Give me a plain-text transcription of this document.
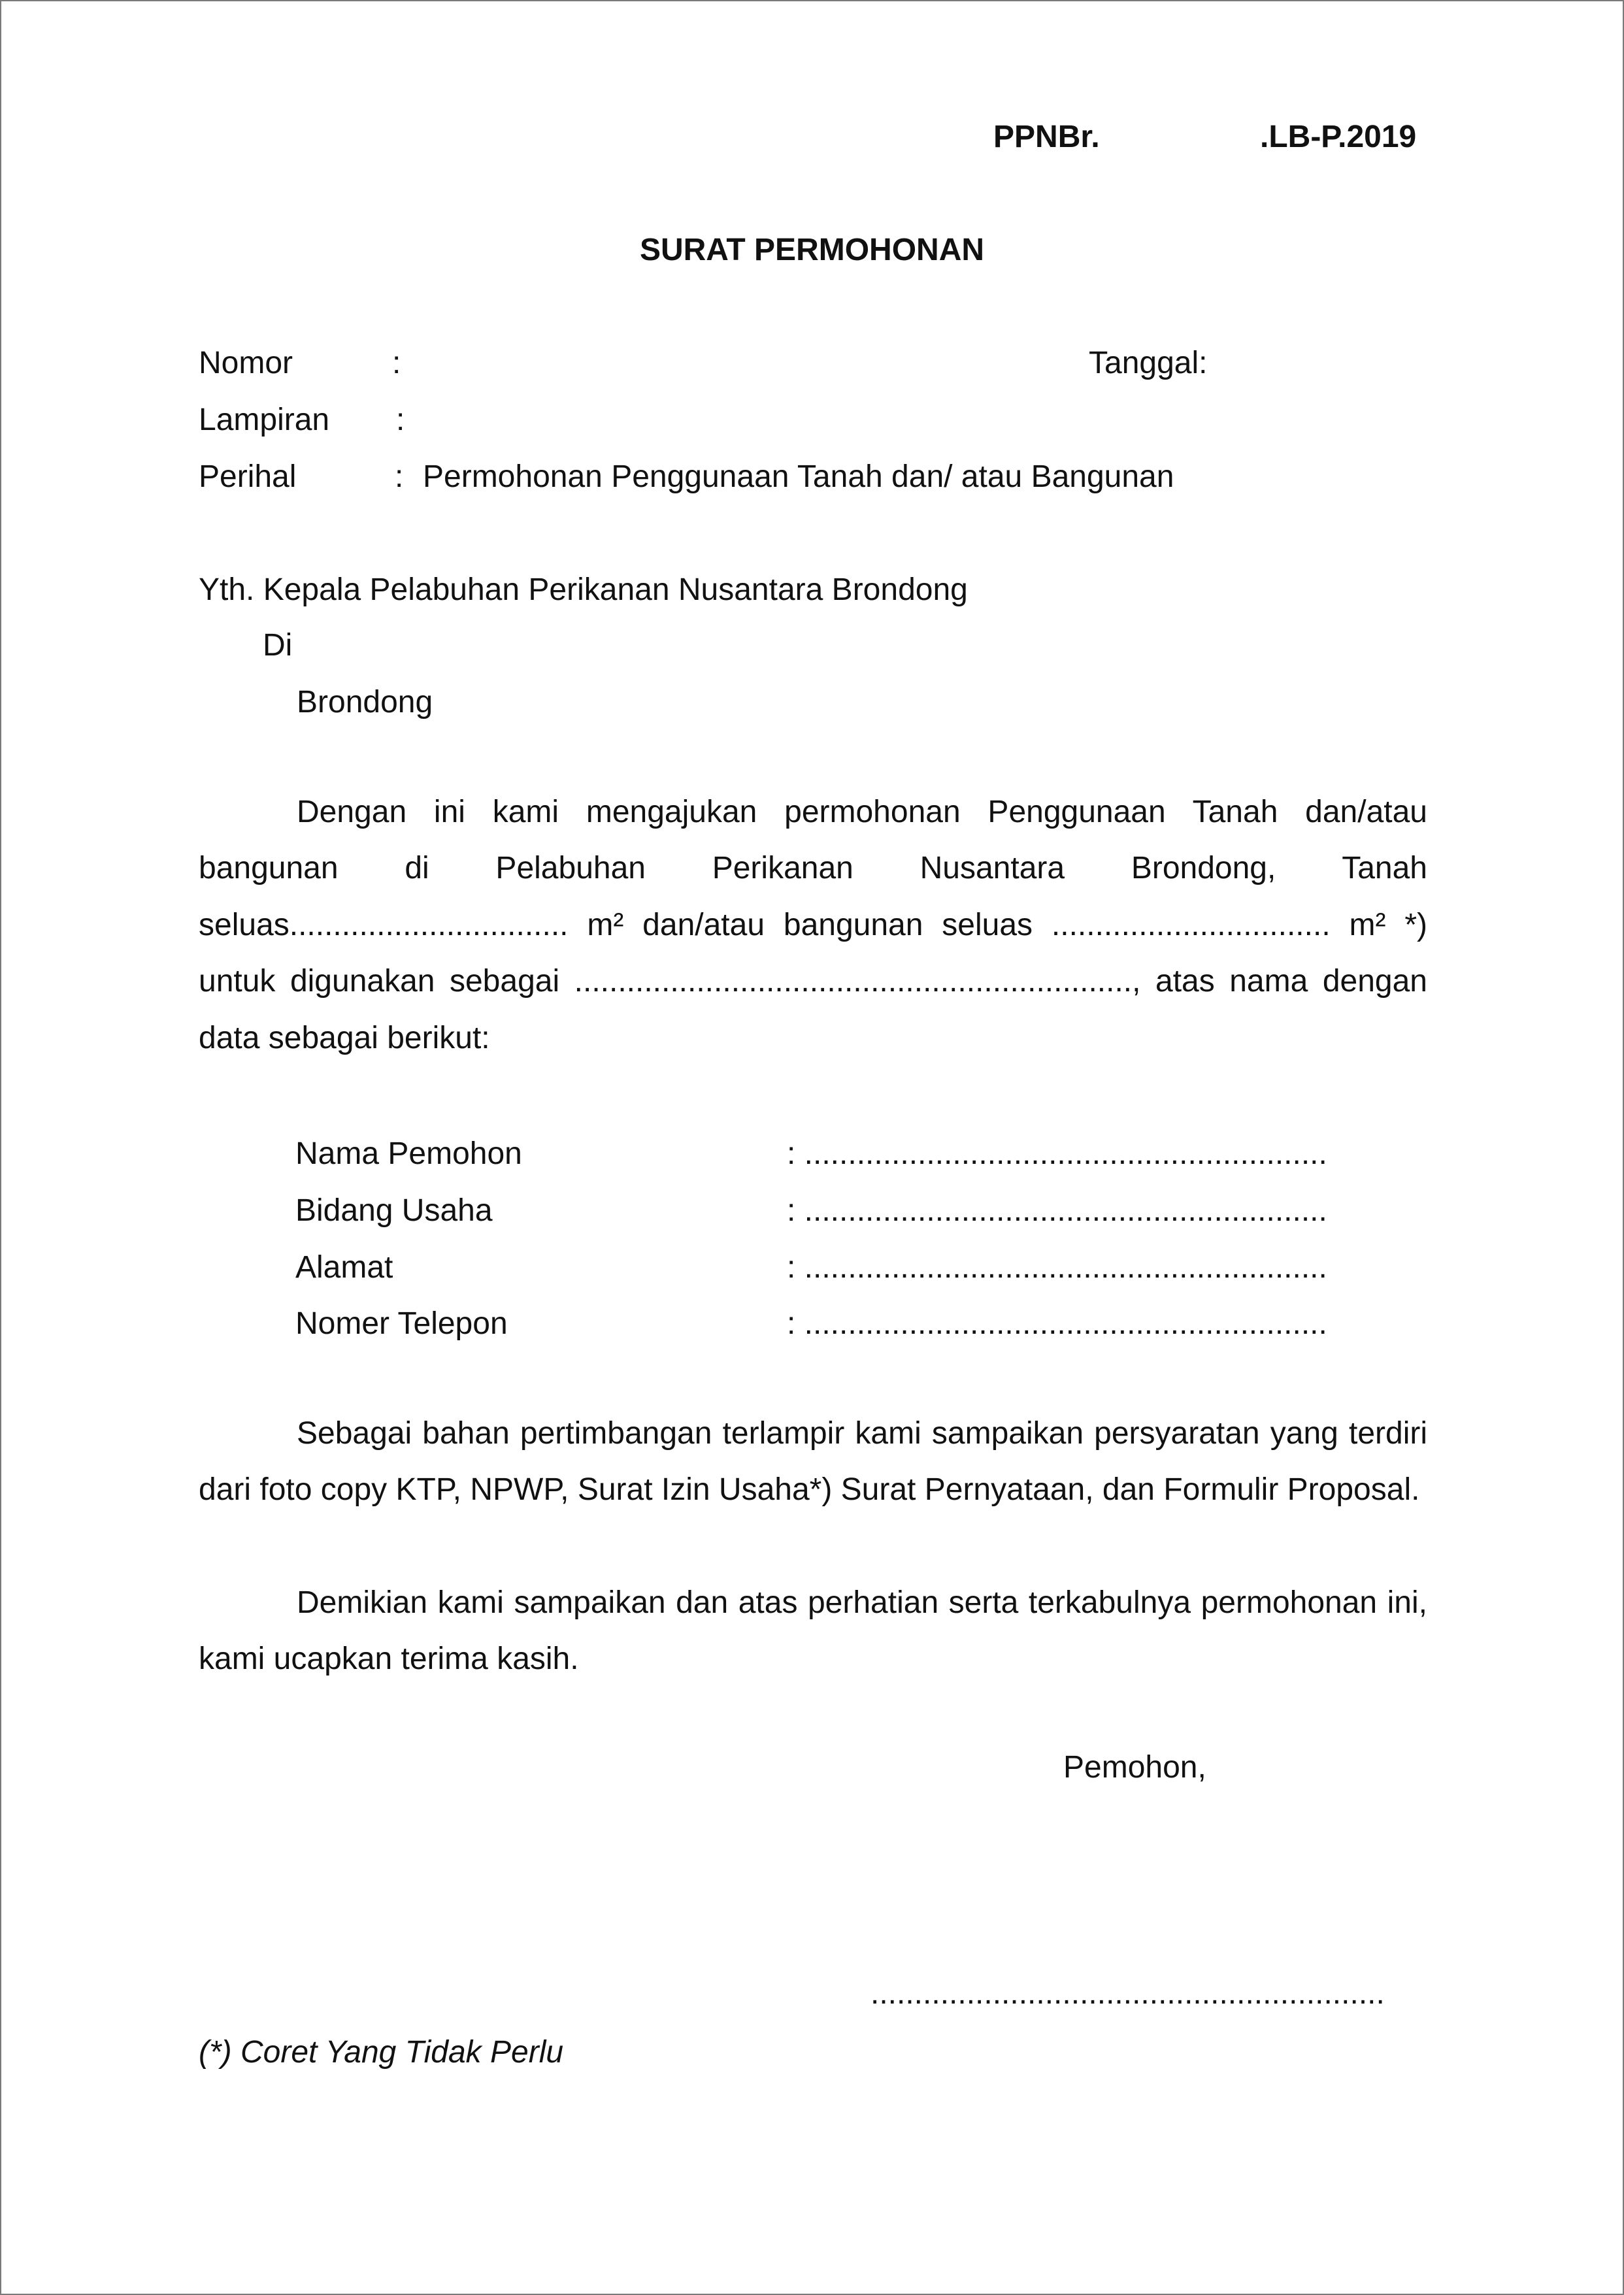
PPNBr.	.LB-P.2019
SURAT PERMOHONAN
Nomor	:	Tanggal:
Lampiran :
Perihal	: Permohonan Penggunaan Tanah dan/ atau Bangunan
Yth. Kepala Pelabuhan Perikanan Nusantara Brondong
Di
Brondong
Dengan ini kami mengajukan permohonan Penggunaan Tanah dan/atau bangunan di Pelabuhan Perikanan Nusantara Brondong, Tanah seluas................................ m² dan/atau bangunan seluas ................................ m² *) untuk digunakan sebagai ................................................................, atas nama dengan data sebagai berikut:
Nama Pemohon	: ............................................................
Bidang Usaha	: ............................................................
Alamat	: ............................................................
Nomer Telepon	: ............................................................
Sebagai bahan pertimbangan terlampir kami sampaikan persyaratan yang terdiri dari foto copy KTP, NPWP, Surat Izin Usaha*) Surat Pernyataan, dan Formulir Proposal.
Demikian kami sampaikan dan atas perhatian serta terkabulnya permohonan ini, kami ucapkan terima kasih.
Pemohon,
...........................................................
(*) Coret Yang Tidak Perlu
